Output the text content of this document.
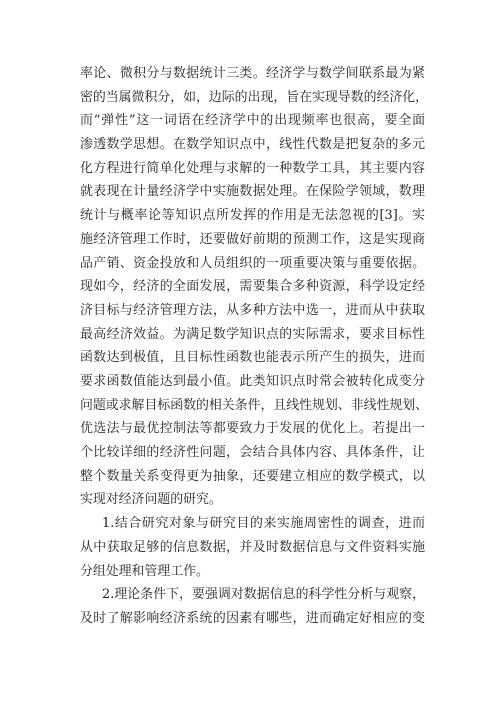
率论、微积分与数据统计三类。经济学与数学间联系最为紧
密的当属微积分，如，边际的出现，旨在实现导数的经济化，
而“弹性”这一词语在经济学中的出现频率也很高，要全面
渗透数学思想。在数学知识点中，线性代数是把复杂的多元
化方程进行简单化处理与求解的一种数学工具，其主要内容
就表现在计量经济学中实施数据处理。在保险学领域，数理
统计与概率论等知识点所发挥的作用是无法忽视的[3]。实
施经济管理工作时，还要做好前期的预测工作，这是实现商
品产销、资金投放和人员组织的一项重要决策与重要依据。
现如今，经济的全面发展，需要集合多种资源，科学设定经
济目标与经济管理方法，从多种方法中选一，进而从中获取
最高经济效益。为满足数学知识点的实际需求，要求目标性
函数达到极值，且目标性函数也能表示所产生的损失，进而
要求函数值能达到最小值。此类知识点时常会被转化成变分
问题或求解目标函数的相关条件，且线性规划、非线性规划、
优选法与最优控制法等都要致力于发展的优化上。若提出一
个比较详细的经济性问题，会结合具体内容、具体条件，让
整个数量关系变得更为抽象，还要建立相应的数学模式，以
实现对经济问题的研究。
1.结合研究对象与研究目的来实施周密性的调查，进而
从中获取足够的信息数据，并及时数据信息与文件资料实施
分组处理和管理工作。
2.理论条件下，要强调对数据信息的科学性分析与观察，
及时了解影响经济系统的因素有哪些，进而确定好相应的变
